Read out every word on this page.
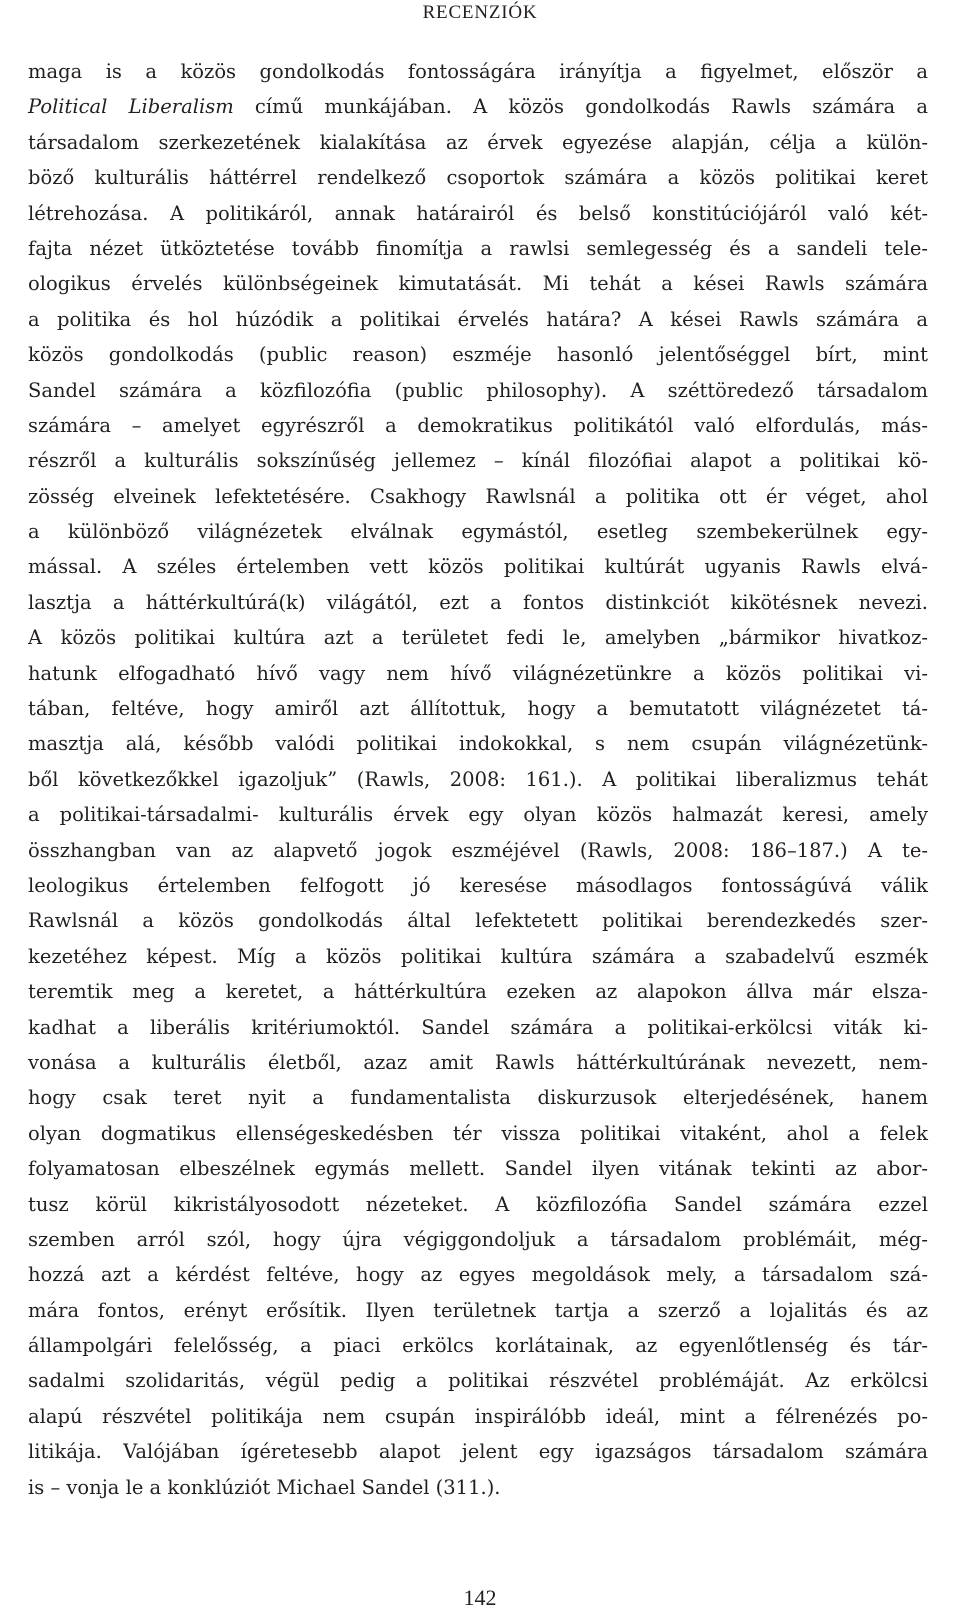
RECENZIÓK
maga is a közös gondolkodás fontosságára irányítja a figyelmet, először a
Political Liberalism című munkájában. A közös gondolkodás Rawls számára a
társadalom szerkezetének kialakítása az érvek egyezése alapján, célja a külön-
böző kulturális háttérrel rendelkező csoportok számára a közös politikai keret
létrehozása. A politikáról, annak határairól és belső konstitúciójáról való két-
fajta nézet ütköztetése tovább finomítja a rawlsi semlegesség és a sandeli tele-
ologikus érvelés különbségeinek kimutatását. Mi tehát a kései Rawls számára
a politika és hol húzódik a politikai érvelés határa? A kései Rawls számára a
közös gondolkodás (public reason) eszméje hasonló jelentőséggel bírt, mint
Sandel számára a közfilozófia (public philosophy). A széttöredező társadalom
számára – amelyet egyrészről a demokratikus politikától való elfordulás, más-
részről a kulturális sokszínűség jellemez – kínál filozófiai alapot a politikai kö-
zösség elveinek lefektetésére. Csakhogy Rawlsnál a politika ott ér véget, ahol
a különböző világnézetek elválnak egymástól, esetleg szembekerülnek egy-
mással. A széles értelemben vett közös politikai kultúrát ugyanis Rawls elvá-
lasztja a háttérkultúrá(k) világától, ezt a fontos distinkciót kikötésnek nevezi.
A közös politikai kultúra azt a területet fedi le, amelyben „bármikor hivatkoz-
hatunk elfogadható hívő vagy nem hívő világnézetünkre a közös politikai vi-
tában, feltéve, hogy amiről azt állítottuk, hogy a bemutatott világnézetet tá-
masztja alá, később valódi politikai indokokkal, s nem csupán világnézetünk-
ből következőkkel igazoljuk” (Rawls, 2008: 161.). A politikai liberalizmus tehát
a politikai-társadalmi- kulturális érvek egy olyan közös halmazát keresi, amely
összhangban van az alapvető jogok eszméjével (Rawls, 2008: 186–187.) A te-
leologikus értelemben felfogott jó keresése másodlagos fontosságúvá válik
Rawlsnál a közös gondolkodás által lefektetett politikai berendezkedés szer-
kezetéhez képest. Míg a közös politikai kultúra számára a szabadelvű eszmék
teremtik meg a keretet, a háttérkultúra ezeken az alapokon állva már elsza-
kadhat a liberális kritériumoktól. Sandel számára a politikai-erkölcsi viták ki-
vonása a kulturális életből, azaz amit Rawls háttérkultúrának nevezett, nem-
hogy csak teret nyit a fundamentalista diskurzusok elterjedésének, hanem
olyan dogmatikus ellenségeskedésben tér vissza politikai vitaként, ahol a felek
folyamatosan elbeszélnek egymás mellett. Sandel ilyen vitának tekinti az abor-
tusz körül kikristályosodott nézeteket. A közfilozófia Sandel számára ezzel
szemben arról szól, hogy újra végiggondoljuk a társadalom problémáit, még-
hozzá azt a kérdést feltéve, hogy az egyes megoldások mely, a társadalom szá-
mára fontos, erényt erősítik. Ilyen területnek tartja a szerző a lojalitás és az
állampolgári felelősség, a piaci erkölcs korlátainak, az egyenlőtlenség és tár-
sadalmi szolidaritás, végül pedig a politikai részvétel problémáját. Az erkölcsi
alapú részvétel politikája nem csupán inspirálóbb ideál, mint a félrenézés po-
litikája. Valójában ígéretesebb alapot jelent egy igazságos társadalom számára
is – vonja le a konklúziót Michael Sandel (311.).
142
